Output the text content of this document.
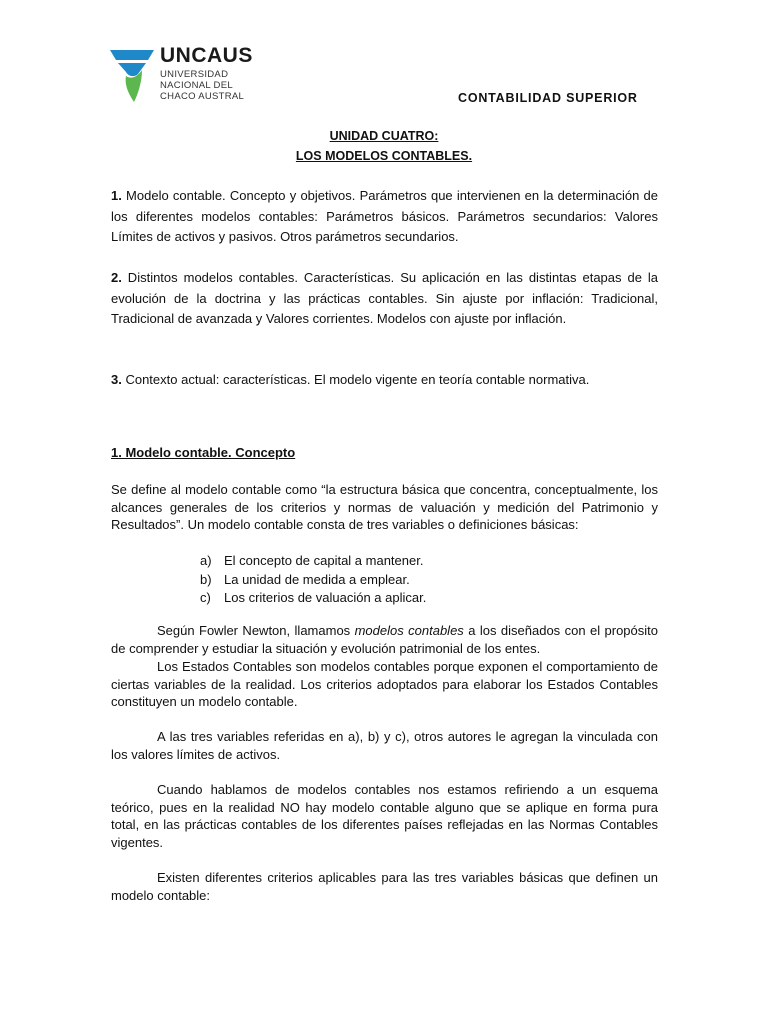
UNCAUS
UNIVERSIDAD
NACIONAL DEL
CHACO AUSTRAL	CONTABILIDAD SUPERIOR
UNIDAD CUATRO:
LOS MODELOS CONTABLES.
1. Modelo contable. Concepto y objetivos. Parámetros que intervienen en la determinación de los diferentes modelos contables: Parámetros básicos. Parámetros secundarios: Valores Límites de activos y pasivos. Otros parámetros secundarios.
2. Distintos modelos contables. Características. Su aplicación en las distintas etapas de la evolución de la doctrina y las prácticas contables. Sin ajuste por inflación: Tradicional, Tradicional de avanzada y Valores corrientes. Modelos con ajuste por inflación.
3. Contexto actual: características. El modelo vigente en teoría contable normativa.
1. Modelo contable. Concepto
Se define al modelo contable como “la estructura básica que concentra, conceptualmente, los alcances generales de los criterios y normas de valuación y medición del Patrimonio y Resultados”. Un modelo contable consta de tres variables o definiciones básicas:
a) El concepto de capital a mantener.
b) La unidad de medida a emplear.
c) Los criterios de valuación a aplicar.
Según Fowler Newton, llamamos modelos contables a los diseñados con el propósito de comprender y estudiar la situación y evolución patrimonial de los entes.
Los Estados Contables son modelos contables porque exponen el comportamiento de ciertas variables de la realidad. Los criterios adoptados para elaborar los Estados Contables constituyen un modelo contable.
A las tres variables referidas en a), b) y c), otros autores le agregan la vinculada con los valores límites de activos.
Cuando hablamos de modelos contables nos estamos refiriendo a un esquema teórico, pues en la realidad NO hay modelo contable alguno que se aplique en forma pura total, en las prácticas contables de los diferentes países reflejadas en las Normas Contables vigentes.
Existen diferentes criterios aplicables para las tres variables básicas que definen un modelo contable:
